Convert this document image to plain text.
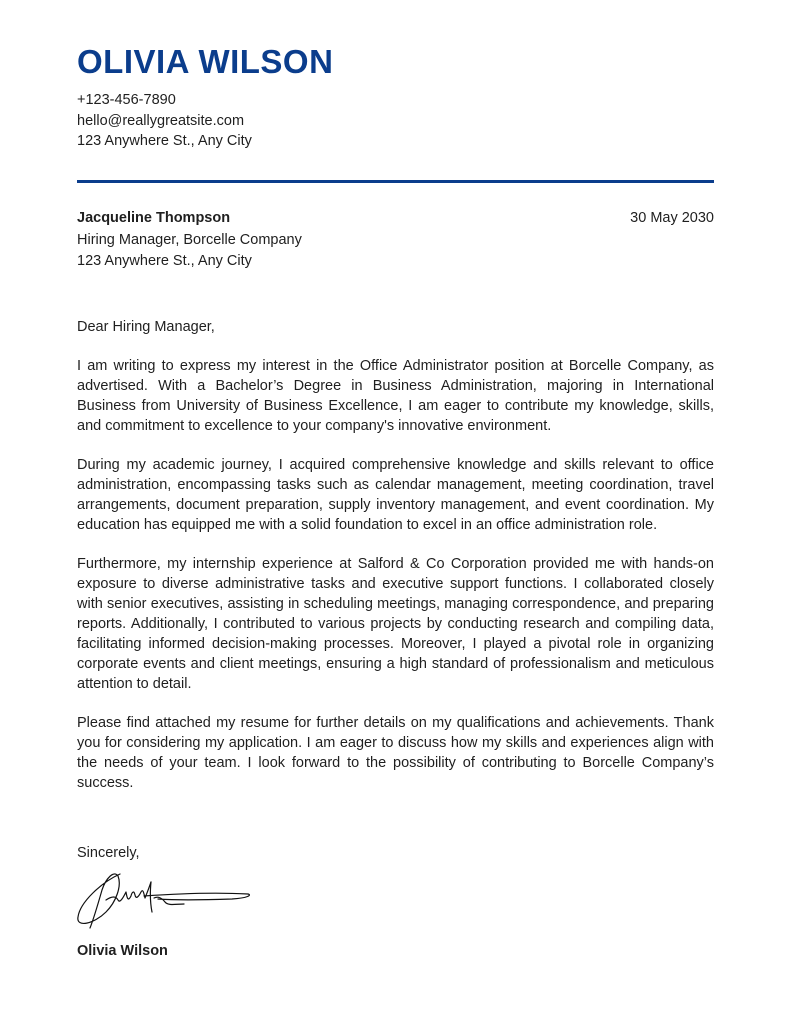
OLIVIA WILSON
+123-456-7890
hello@reallygreatsite.com
123 Anywhere St., Any City
Jacqueline Thompson
Hiring Manager, Borcelle Company
123 Anywhere St., Any City
30 May 2030

Dear Hiring Manager,

I am writing to express my interest in the Office Administrator position at Borcelle Company, as advertised. With a Bachelor’s Degree in Business Administration, majoring in International Business from University of Business Excellence, I am eager to contribute my knowledge, skills, and commitment to excellence to your company's innovative environment.

During my academic journey, I acquired comprehensive knowledge and skills relevant to office administration, encompassing tasks such as calendar management, meeting coordination, travel arrangements, document preparation, supply inventory management, and event coordination. My education has equipped me with a solid foundation to excel in an office administration role.

Furthermore, my internship experience at Salford & Co Corporation provided me with hands-on exposure to diverse administrative tasks and executive support functions. I collaborated closely with senior executives, assisting in scheduling meetings, managing correspondence, and preparing reports. Additionally, I contributed to various projects by conducting research and compiling data, facilitating informed decision-making processes. Moreover, I played a pivotal role in organizing corporate events and client meetings, ensuring a high standard of professionalism and meticulous attention to detail.

Please find attached my resume for further details on my qualifications and achievements. Thank you for considering my application. I am eager to discuss how my skills and experiences align with the needs of your team. I look forward to the possibility of contributing to Borcelle Company’s success.

Sincerely,
Olivia Wilson
